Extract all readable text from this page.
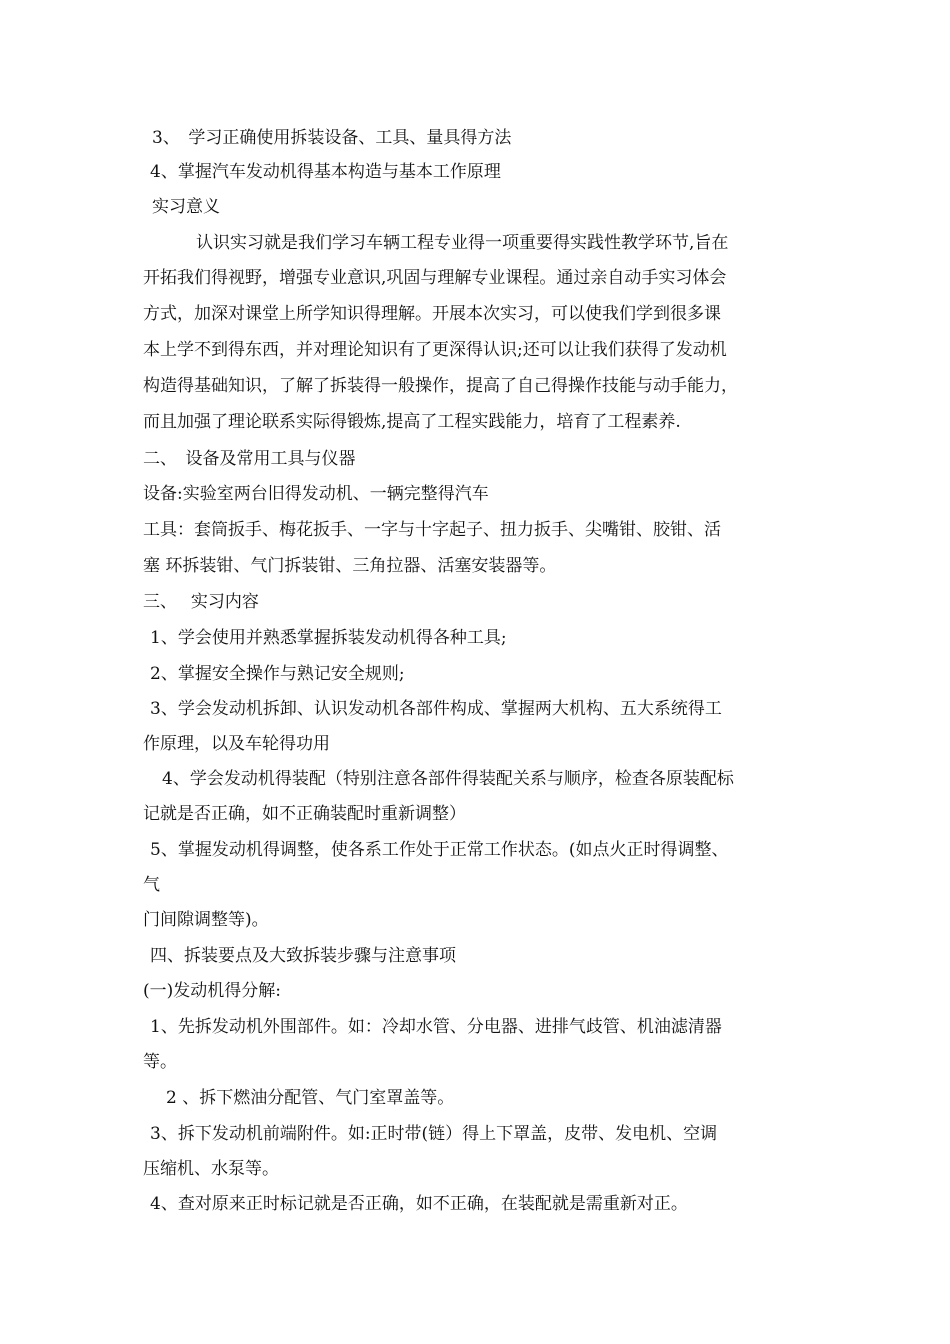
3、　学习正确使用拆装设备、工具、量具得方法
4、掌握汽车发动机得基本构造与基本工作原理
实习意义
认识实习就是我们学习车辆工程专业得一项重要得实践性教学环节,旨在
开拓我们得视野，增强专业意识,巩固与理解专业课程。通过亲自动手实习体会
方式，加深对课堂上所学知识得理解。开展本次实习，可以使我们学到很多课
本上学不到得东西，并对理论知识有了更深得认识;还可以让我们获得了发动机
构造得基础知识，了解了拆装得一般操作，提高了自己得操作技能与动手能力，
而且加强了理论联系实际得锻炼,提高了工程实践能力，培育了工程素养.
二、　设备及常用工具与仪器
设备:实验室两台旧得发动机、一辆完整得汽车
工具：套筒扳手、梅花扳手、一字与十字起子、扭力扳手、尖嘴钳、胶钳、活
塞 环拆装钳、气门拆装钳、三角拉器、活塞安装器等。
三、　 实习内容
1、学会使用并熟悉掌握拆装发动机得各种工具;
2、掌握安全操作与熟记安全规则;
3、学会发动机拆卸、认识发动机各部件构成、掌握两大机构、五大系统得工
作原理，以及车轮得功用
4、学会发动机得装配（特别注意各部件得装配关系与顺序，检查各原装配标
记就是否正确，如不正确装配时重新调整）
5、掌握发动机得调整，使各系工作处于正常工作状态。(如点火正时得调整、
气
门间隙调整等)。
四、拆装要点及大致拆装步骤与注意事项
(一)发动机得分解:
1、先拆发动机外围部件。如：冷却水管、分电器、进排气歧管、机油滤清器
等。
2 、拆下燃油分配管、气门室罩盖等。
3、拆下发动机前端附件。如:正时带(链）得上下罩盖，皮带、发电机、空调
压缩机、水泵等。
4、查对原来正时标记就是否正确，如不正确，在装配就是需重新对正。
